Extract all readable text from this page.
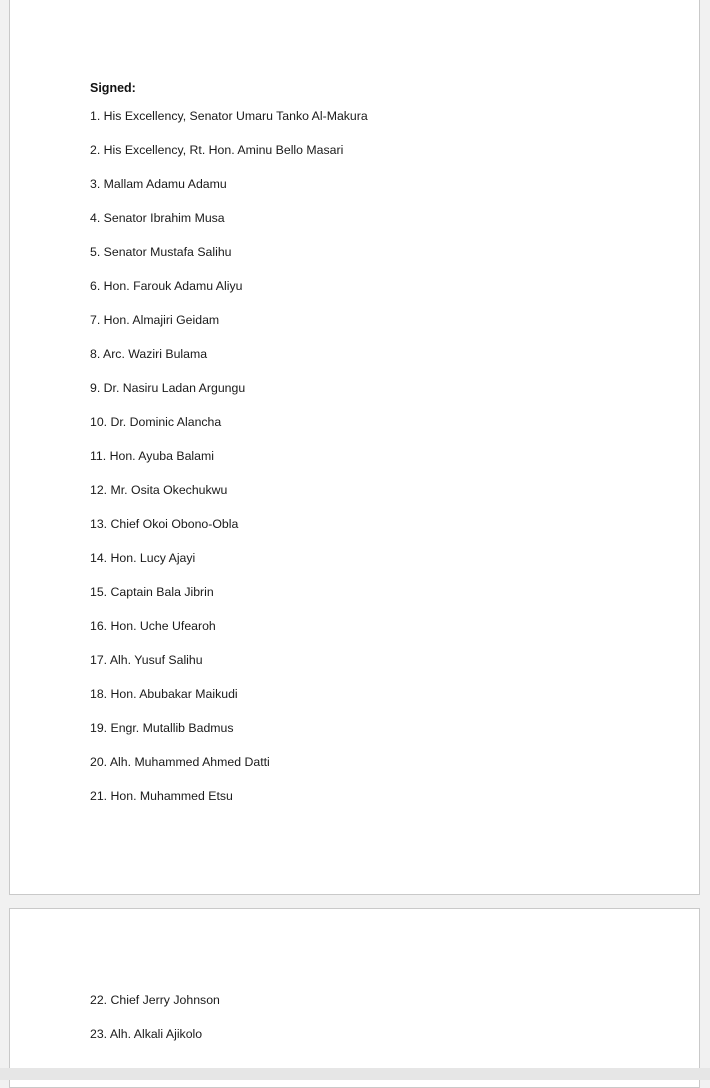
Signed:
1. His Excellency, Senator Umaru Tanko Al-Makura
2. His Excellency, Rt. Hon. Aminu Bello Masari
3. Mallam Adamu Adamu
4. Senator Ibrahim Musa
5. Senator Mustafa Salihu
6. Hon. Farouk Adamu Aliyu
7. Hon. Almajiri Geidam
8. Arc. Waziri Bulama
9. Dr. Nasiru Ladan Argungu
10. Dr. Dominic Alancha
11. Hon. Ayuba Balami
12. Mr. Osita Okechukwu
13. Chief Okoi Obono-Obla
14. Hon. Lucy Ajayi
15. Captain Bala Jibrin
16. Hon. Uche Ufearoh
17. Alh. Yusuf Salihu
18. Hon. Abubakar Maikudi
19. Engr. Mutallib Badmus
20. Alh. Muhammed Ahmed Datti
21. Hon. Muhammed Etsu
22. Chief Jerry Johnson
23. Alh. Alkali Ajikolo
